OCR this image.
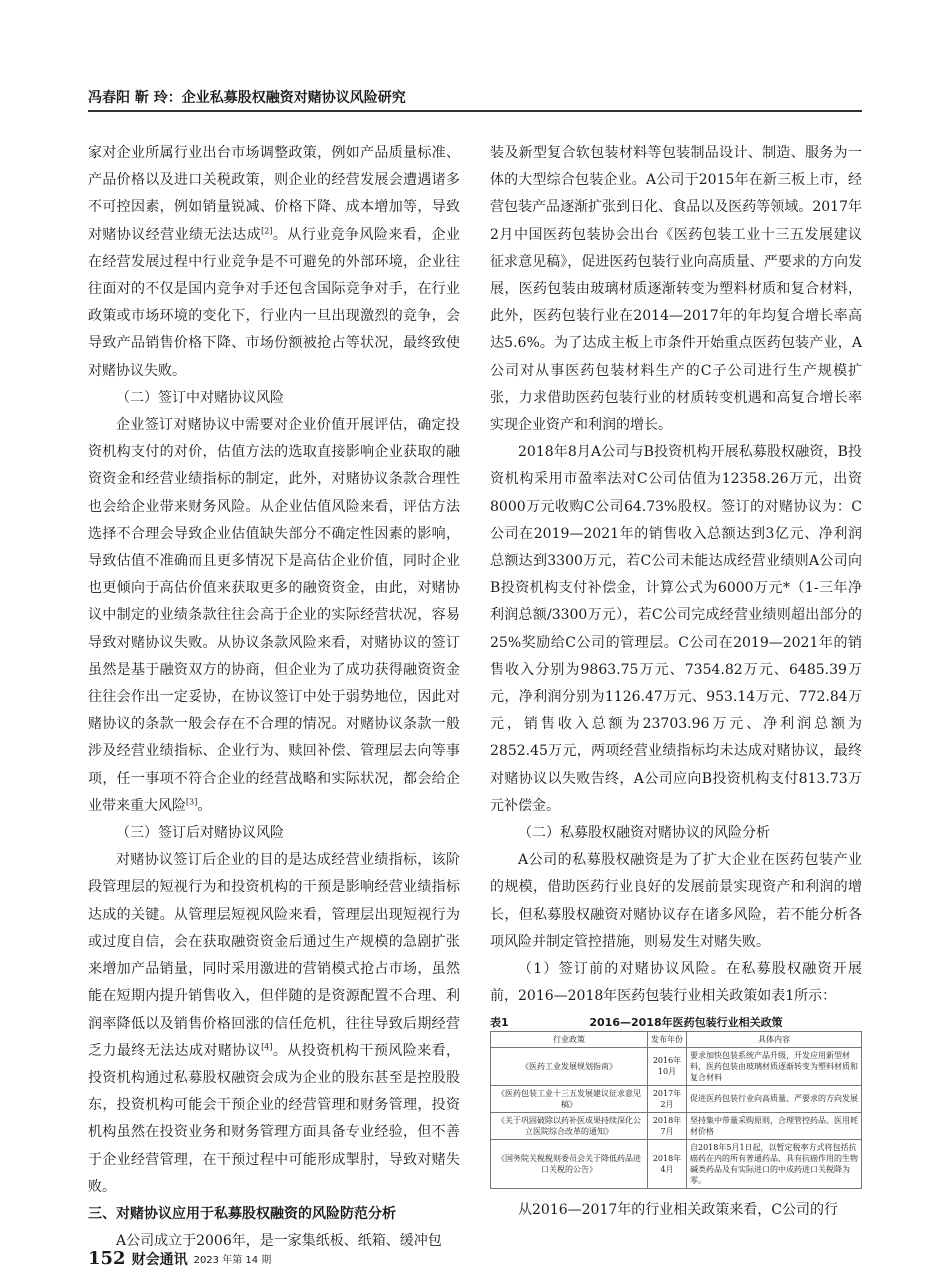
冯春阳 靳 玲：企业私募股权融资对赌协议风险研究

家对企业所属行业出台市场调整政策，例如产品质量标准、产品价格以及进口关税政策，则企业的经营发展会遭遇诸多不可控因素，例如销量锐减、价格下降、成本增加等，导致对赌协议经营业绩无法达成[2]。从行业竞争风险来看，企业在经营发展过程中行业竞争是不可避免的外部环境，企业往往面对的不仅是国内竞争对手还包含国际竞争对手，在行业政策或市场环境的变化下，行业内一旦出现激烈的竞争，会导致产品销售价格下降、市场份额被抢占等状况，最终致使对赌协议失败。

（二）签订中对赌协议风险

企业签订对赌协议中需要对企业价值开展评估，确定投资机构支付的对价，估值方法的选取直接影响企业获取的融资资金和经营业绩指标的制定，此外，对赌协议条款合理性也会给企业带来财务风险。从企业估值风险来看，评估方法选择不合理会导致企业估值缺失部分不确定性因素的影响，导致估值不准确而且更多情况下是高估企业价值，同时企业也更倾向于高估价值来获取更多的融资资金，由此，对赌协议中制定的业绩条款往往会高于企业的实际经营状况，容易导致对赌协议失败。从协议条款风险来看，对赌协议的签订虽然是基于融资双方的协商，但企业为了成功获得融资资金往往会作出一定妥协，在协议签订中处于弱势地位，因此对赌协议的条款一般会存在不合理的情况。对赌协议条款一般涉及经营业绩指标、企业行为、赎回补偿、管理层去向等事项，任一事项不符合企业的经营战略和实际状况，都会给企业带来重大风险[3]。

（三）签订后对赌协议风险

对赌协议签订后企业的目的是达成经营业绩指标，该阶段管理层的短视行为和投资机构的干预是影响经营业绩指标达成的关键。从管理层短视风险来看，管理层出现短视行为或过度自信，会在获取融资资金后通过生产规模的急剧扩张来增加产品销量，同时采用激进的营销模式抢占市场，虽然能在短期内提升销售收入，但伴随的是资源配置不合理、利润率降低以及销售价格回涨的信任危机，往往导致后期经营乏力最终无法达成对赌协议[4]。从投资机构干预风险来看，投资机构通过私募股权融资会成为企业的股东甚至是控股股东，投资机构可能会干预企业的经营管理和财务管理，投资机构虽然在投资业务和财务管理方面具备专业经验，但不善于企业经营管理，在干预过程中可能形成掣肘，导致对赌失败。

三、对赌协议应用于私募股权融资的风险防范分析

A公司成立于2006年，是一家集纸板、纸箱、缓冲包

装及新型复合软包装材料等包装制品设计、制造、服务为一体的大型综合包装企业。A公司于2015年在新三板上市，经营包装产品逐渐扩张到日化、食品以及医药等领域。2017年2月中国医药包装协会出台《医药包装工业十三五发展建议征求意见稿》，促进医药包装行业向高质量、严要求的方向发展，医药包装由玻璃材质逐渐转变为塑料材质和复合材料，此外，医药包装行业在2014—2017年的年均复合增长率高达5.6%。为了达成主板上市条件开始重点医药包装产业，A公司对从事医药包装材料生产的C子公司进行生产规模扩张，力求借助医药包装行业的材质转变机遇和高复合增长率实现企业资产和利润的增长。

2018年8月A公司与B投资机构开展私募股权融资，B投资机构采用市盈率法对C公司估值为12358.26万元，出资8000万元收购C公司64.73%股权。签订的对赌协议为：C公司在2019—2021年的销售收入总额达到3亿元、净利润总额达到3300万元，若C公司未能达成经营业绩则A公司向B投资机构支付补偿金，计算公式为6000万元*（1-三年净利润总额/3300万元），若C公司完成经营业绩则超出部分的25%奖励给C公司的管理层。C公司在2019—2021年的销售收入分别为9863.75万元、7354.82万元、6485.39万元，净利润分别为1126.47万元、953.14万元、772.84万元，销售收入总额为23703.96万元、净利润总额为2852.45万元，两项经营业绩指标均未达成对赌协议，最终对赌协议以失败告终，A公司应向B投资机构支付813.73万元补偿金。

（二）私募股权融资对赌协议的风险分析

A公司的私募股权融资是为了扩大企业在医药包装产业的规模，借助医药行业良好的发展前景实现资产和利润的增长，但私募股权融资对赌协议存在诸多风险，若不能分析各项风险并制定管控措施，则易发生对赌失败。

（1）签订前的对赌协议风险。在私募股权融资开展前，2016—2018年医药包装行业相关政策如表1所示：

表1	2016—2018年医药包装行业相关政策
行业政策	发布年份	具体内容
《医药工业发展规划指南》	2016年10月	要求加快包装系统产品升级，开发应用新型材料，医药包装由玻璃材质逐渐转变为塑料材质和复合材料
《医药包装工业十三五发展建议征求意见稿》	2017年2月	促进医药包装行业向高质量、严要求的方向发展
《关于巩固破除以药补医成果持续深化公立医院综合改革的通知》	2018年7月	坚持集中带量采购原则，合理管控药品、医用耗材价格
《国务院关税税则委员会关于降低药品进口关税的公告》	2018年4月	自2018年5月1日起，以暂定税率方式将包括抗癌药在内的所有普通药品、具有抗癌作用的生物碱类药品及有实际进口的中成药进口关税降为零。

从2016—2017年的行业相关政策来看，C公司的行

152 财会通讯 2023 年第 14 期
